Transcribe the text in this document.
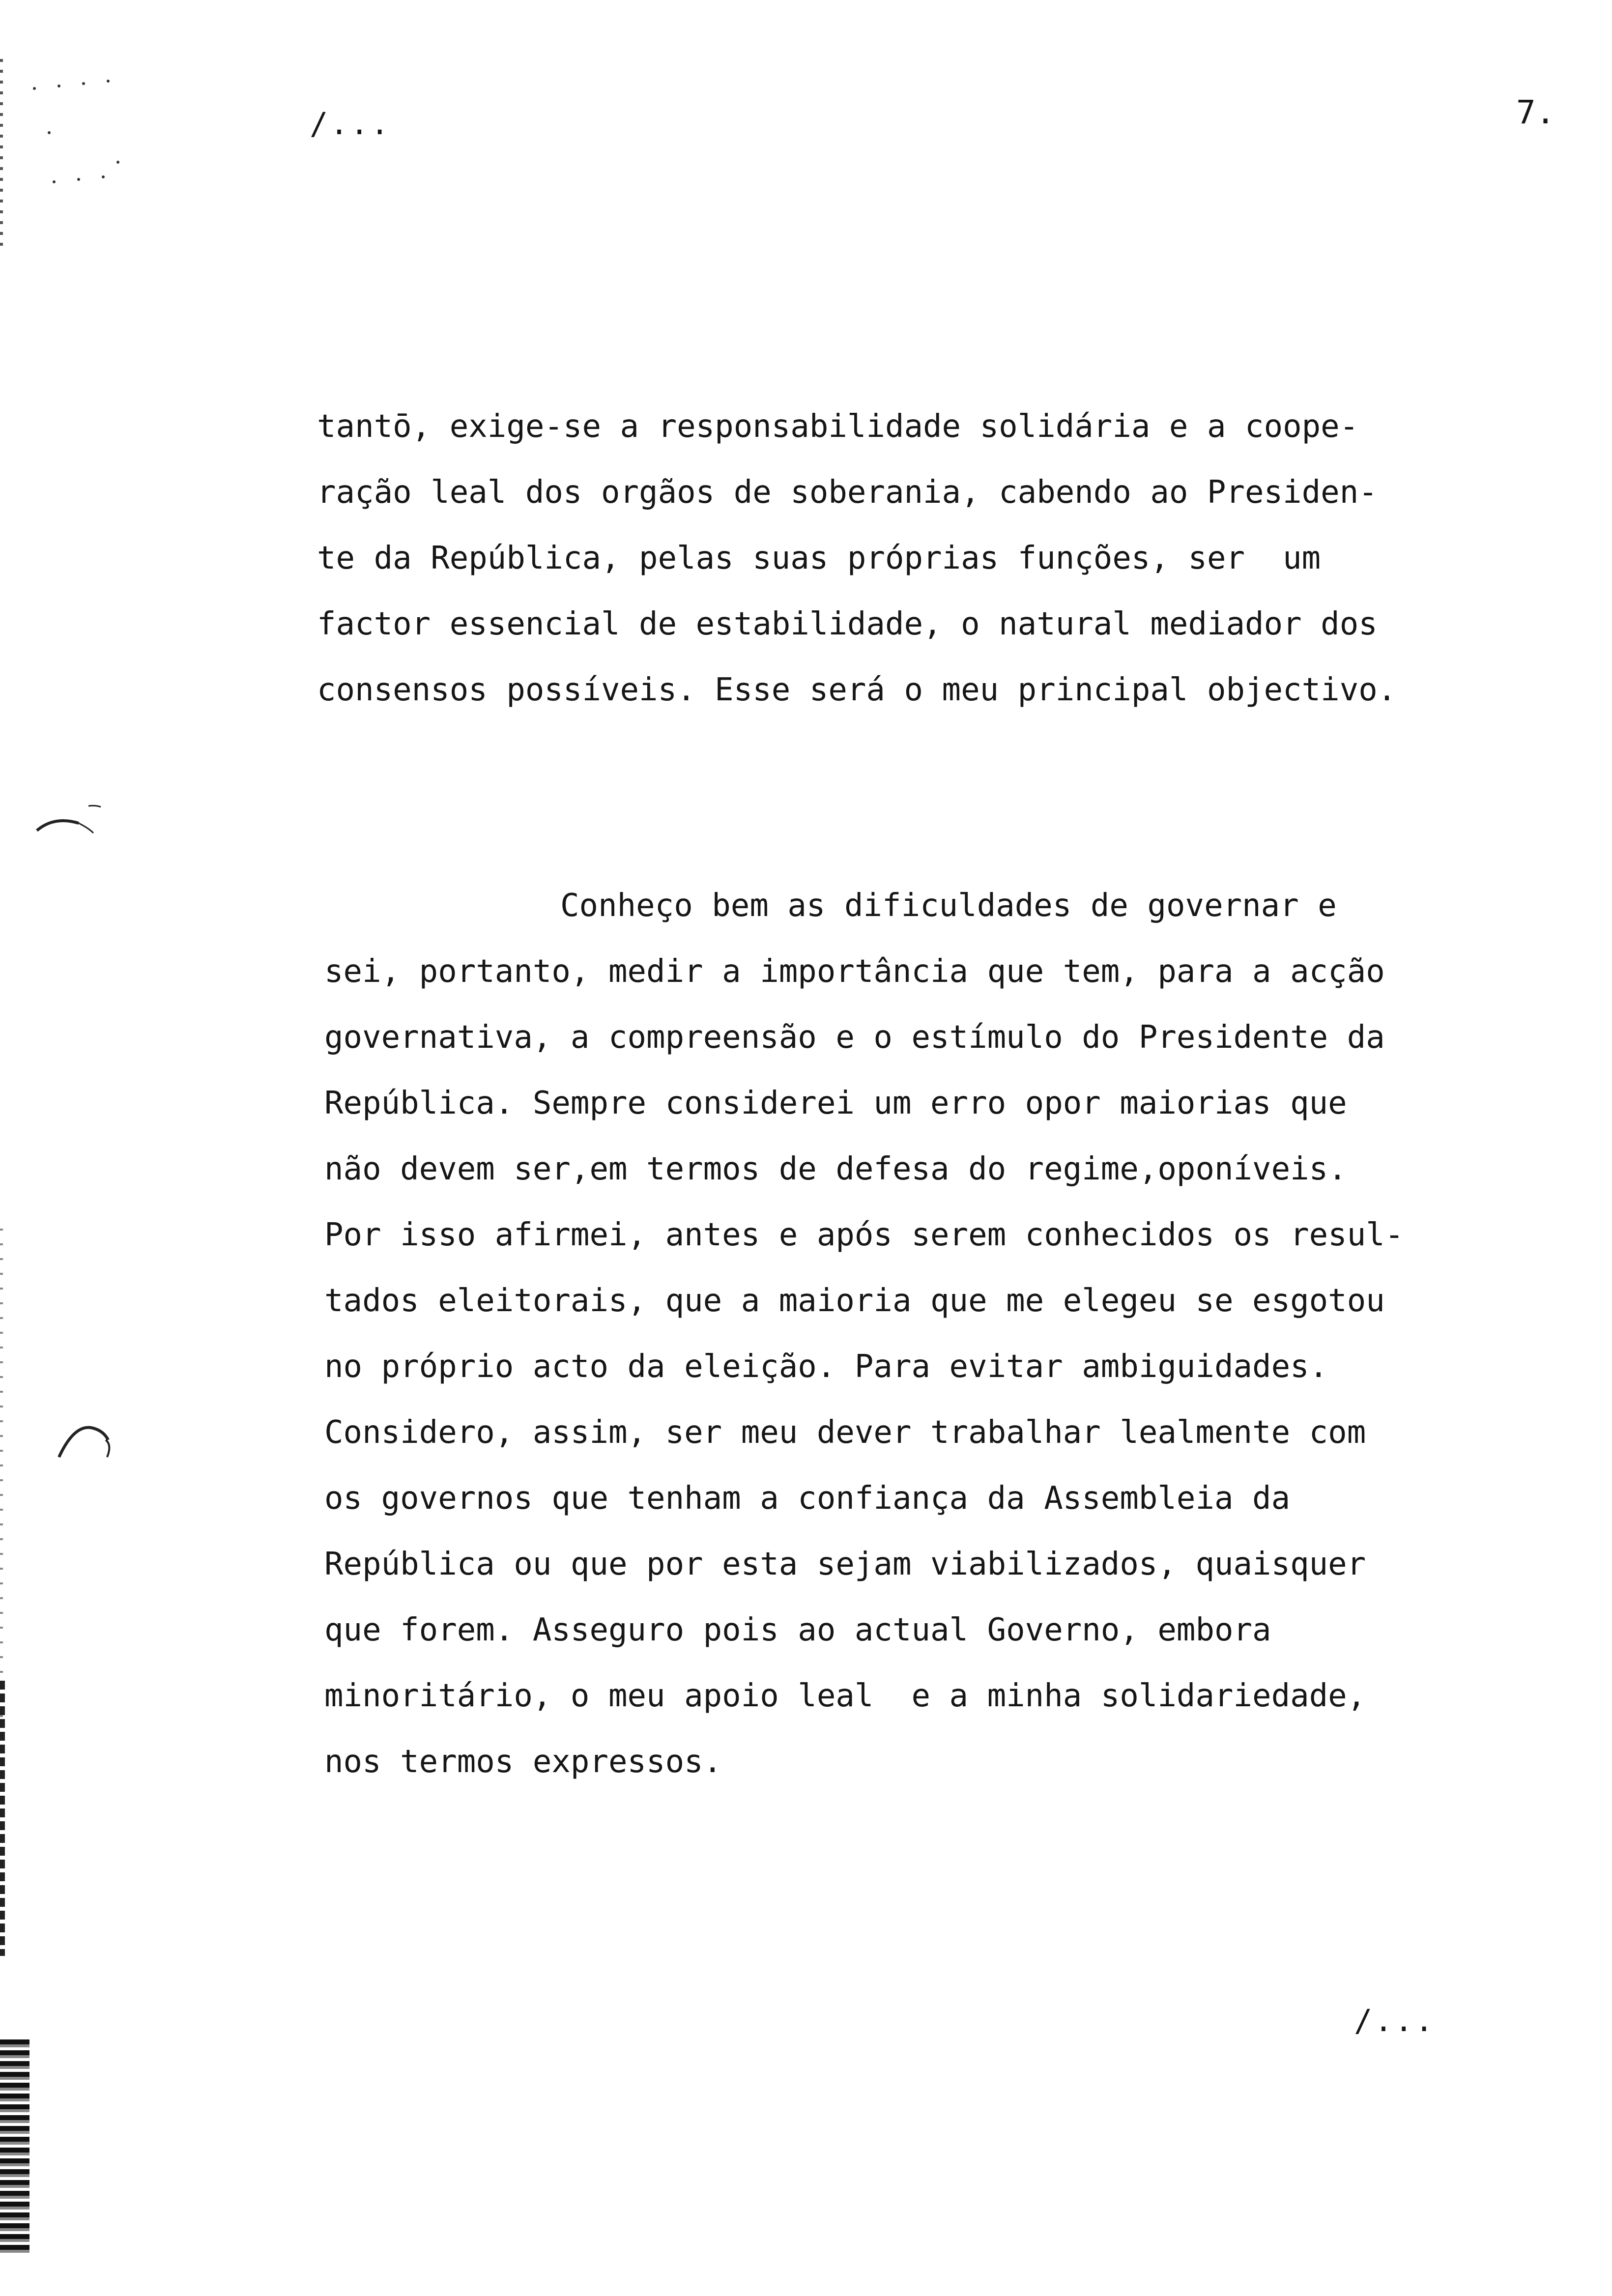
/...	7.
tantō, exige-se a responsabilidade solidária e a coope-
ração leal dos orgãos de soberania, cabendo ao Presiden-
te da República, pelas suas próprias funções, ser  um
factor essencial de estabilidade, o natural mediador dos
consensos possíveis. Esse será o meu principal objectivo.
Conheço bem as dificuldades de governar e
sei, portanto, medir a importância que tem, para a acção
governativa, a compreensão e o estímulo do Presidente da
República. Sempre considerei um erro opor maiorias que
não devem ser,em termos de defesa do regime,oponíveis.
Por isso afirmei, antes e após serem conhecidos os resul-
tados eleitorais, que a maioria que me elegeu se esgotou
no próprio acto da eleição. Para evitar ambiguidades.
Considero, assim, ser meu dever trabalhar lealmente com
os governos que tenham a confiança da Assembleia da
República ou que por esta sejam viabilizados, quaisquer
que forem. Asseguro pois ao actual Governo, embora
minoritário, o meu apoio leal  e a minha solidariedade,
nos termos expressos.
/...
